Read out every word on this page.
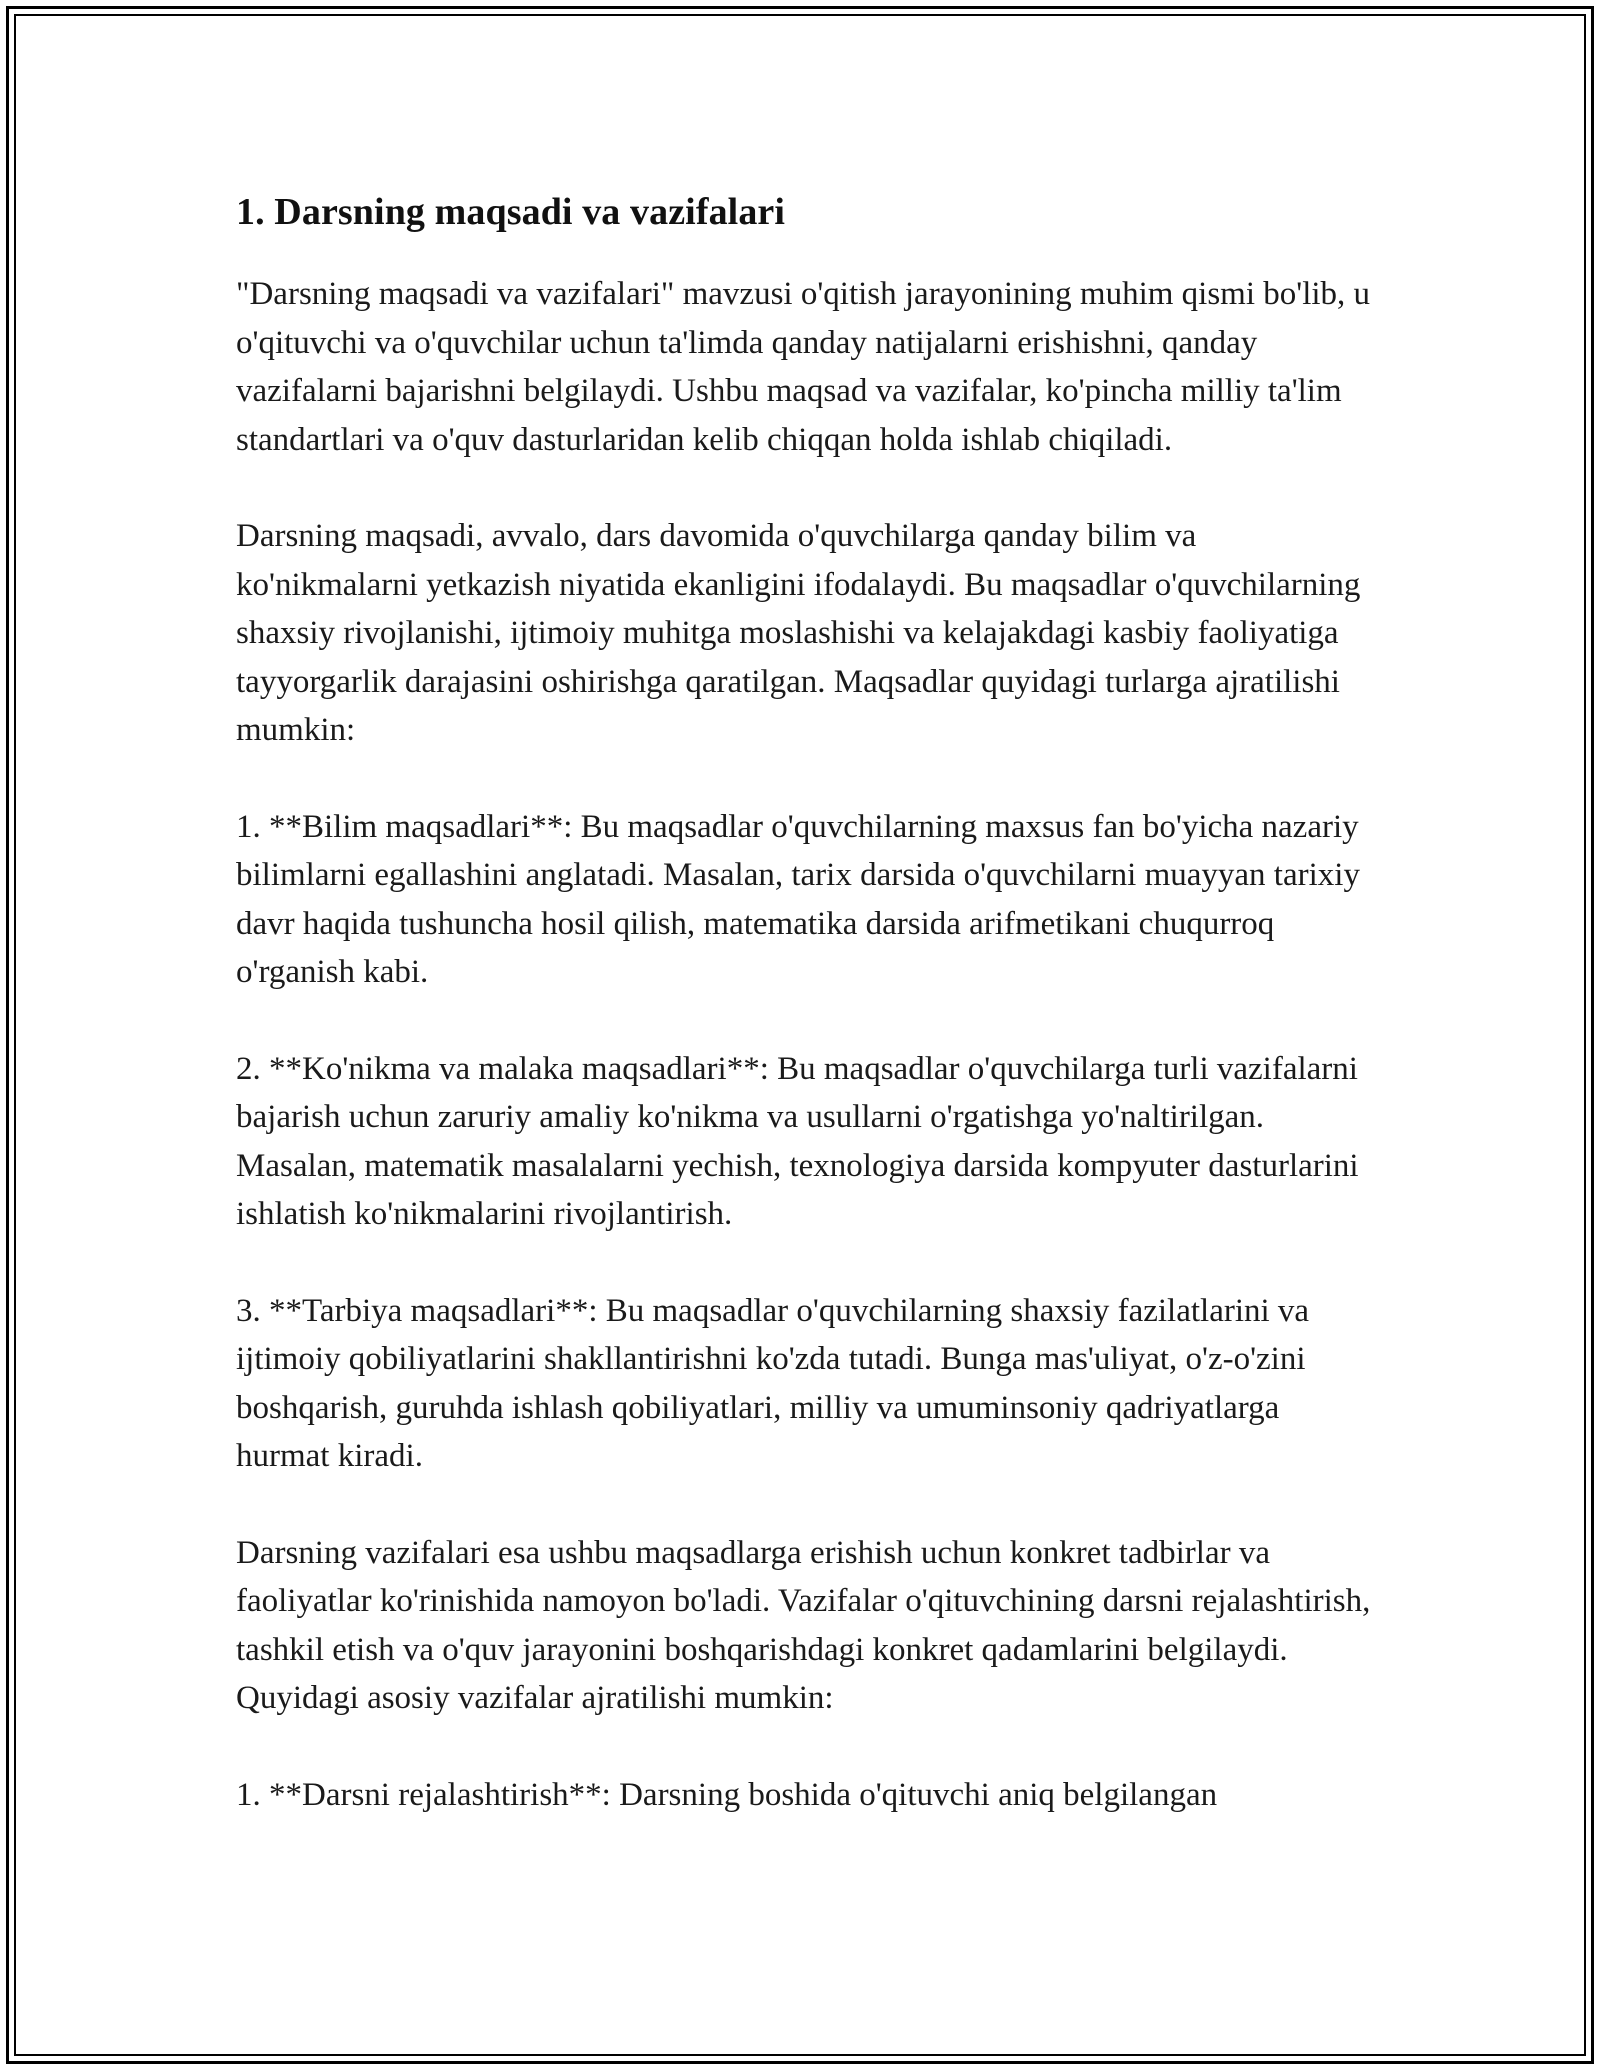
1. Darsning maqsadi va vazifalari

"Darsning maqsadi va vazifalari" mavzusi o'qitish jarayonining muhim qismi bo'lib, u o'qituvchi va o'quvchilar uchun ta'limda qanday natijalarni erishishni, qanday vazifalarni bajarishni belgilaydi. Ushbu maqsad va vazifalar, ko'pincha milliy ta'lim standartlari va o'quv dasturlaridan kelib chiqqan holda ishlab chiqiladi.

Darsning maqsadi, avvalo, dars davomida o'quvchilarga qanday bilim va ko'nikmalarni yetkazish niyatida ekanligini ifodalaydi. Bu maqsadlar o'quvchilarning shaxsiy rivojlanishi, ijtimoiy muhitga moslashishi va kelajakdagi kasbiy faoliyatiga tayyorgarlik darajasini oshirishga qaratilgan. Maqsadlar quyidagi turlarga ajratilishi mumkin:

1. **Bilim maqsadlari**: Bu maqsadlar o'quvchilarning maxsus fan bo'yicha nazariy bilimlarni egallashini anglatadi. Masalan, tarix darsida o'quvchilarni muayyan tarixiy davr haqida tushuncha hosil qilish, matematika darsida arifmetikani chuqurroq o'rganish kabi.

2. **Ko'nikma va malaka maqsadlari**: Bu maqsadlar o'quvchilarga turli vazifalarni bajarish uchun zaruriy amaliy ko'nikma va usullarni o'rgatishga yo'naltirilgan. Masalan, matematik masalalarni yechish, texnologiya darsida kompyuter dasturlarini ishlatish ko'nikmalarini rivojlantirish.

3. **Tarbiya maqsadlari**: Bu maqsadlar o'quvchilarning shaxsiy fazilatlarini va ijtimoiy qobiliyatlarini shakllantirishni ko'zda tutadi. Bunga mas'uliyat, o'z-o'zini boshqarish, guruhda ishlash qobiliyatlari, milliy va umuminsoniy qadriyatlarga hurmat kiradi.

Darsning vazifalari esa ushbu maqsadlarga erishish uchun konkret tadbirlar va faoliyatlar ko'rinishida namoyon bo'ladi. Vazifalar o'qituvchining darsni rejalashtirish, tashkil etish va o'quv jarayonini boshqarishdagi konkret qadamlarini belgilaydi. Quyidagi asosiy vazifalar ajratilishi mumkin:

1. **Darsni rejalashtirish**: Darsning boshida o'qituvchi aniq belgilangan
